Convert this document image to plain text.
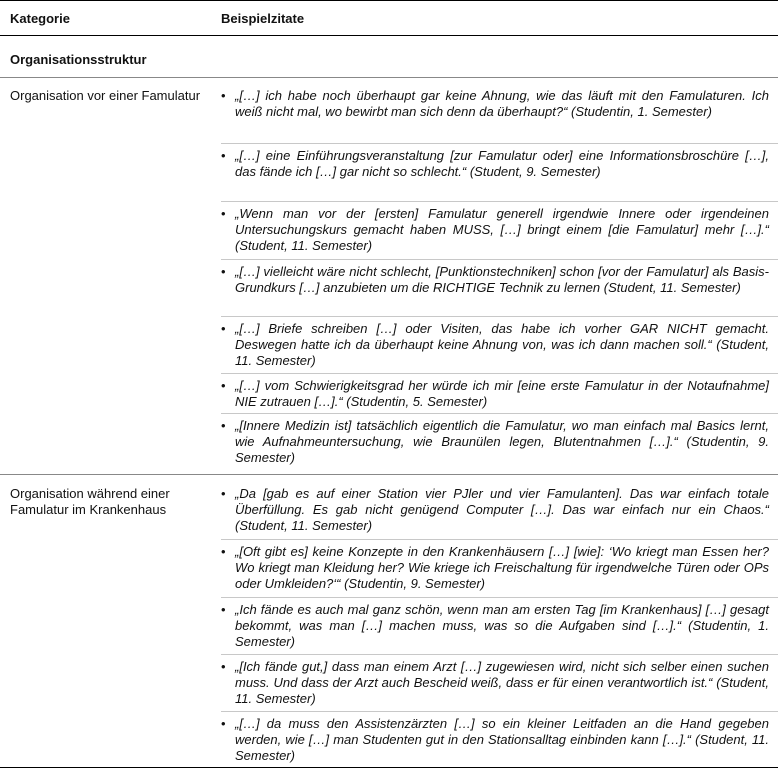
Kategorie	Beispielzitate
Organisationsstruktur
Organisation vor einer Famulatur
•	„[…] ich habe noch überhaupt gar keine Ahnung, wie das läuft mit den Famulaturen. Ich weiß nicht mal, wo bewirbt man sich denn da überhaupt?“ (Studentin, 1. Semester)
• „[…] eine Einführungsveranstaltung [zur Famulatur oder] eine Informationsbroschüre […], das fände ich […] gar nicht so schlecht.“ (Student, 9. Semester)
• „Wenn man vor der [ersten] Famulatur generell irgendwie Innere oder irgendeinen Untersuchungskurs gemacht haben MUSS, […] bringt einem [die Famulatur] mehr […].“ (Student, 11. Semester)
• „[…] vielleicht wäre nicht schlecht, [Punktionstechniken] schon [vor der Famulatur] als Basis-Grundkurs […] anzubieten um die RICHTIGE Technik zu lernen (Student, 11. Semester)
• „[…] Briefe schreiben […] oder Visiten, das habe ich vorher GAR NICHT gemacht. Deswegen hatte ich da überhaupt keine Ahnung von, was ich dann machen soll.“ (Student, 11. Semester)
• „[…] vom Schwierigkeitsgrad her würde ich mir [eine erste Famulatur in der Notaufnahme] NIE zutrauen […].“ (Studentin, 5. Semester)
• „[Innere Medizin ist] tatsächlich eigentlich die Famulatur, wo man einfach mal Basics lernt, wie Aufnahmeuntersuchung, wie Braunülen legen, Blutentnahmen […].“ (Studentin, 9. Semester)
Organisation während einer Famulatur im Krankenhaus
• „Da [gab es auf einer Station vier PJler und vier Famulanten]. Das war einfach totale Überfüllung. Es gab nicht genügend Computer […]. Das war einfach nur ein Chaos.“ (Student, 11. Semester)
• „[Oft gibt es] keine Konzepte in den Krankenhäusern […] [wie]: ‘Wo kriegt man Essen her? Wo kriegt man Kleidung her? Wie kriege ich Freischaltung für irgendwelche Türen oder OPs oder Umkleiden?‘“ (Studentin, 9. Semester)
• „Ich fände es auch mal ganz schön, wenn man am ersten Tag [im Krankenhaus] […] gesagt bekommt, was man […] machen muss, was so die Aufgaben sind […].“ (Studentin, 1. Semester)
• „[Ich fände gut,] dass man einem Arzt […] zugewiesen wird, nicht sich selber einen suchen muss. Und dass der Arzt auch Bescheid weiß, dass er für einen verantwortlich ist.“ (Student, 11. Semester)
• „[…] da muss den Assistenzärzten […] so ein kleiner Leitfaden an die Hand gegeben werden, wie […] man Studenten gut in den Stationsalltag einbinden kann […].“ (Student, 11. Semester)
